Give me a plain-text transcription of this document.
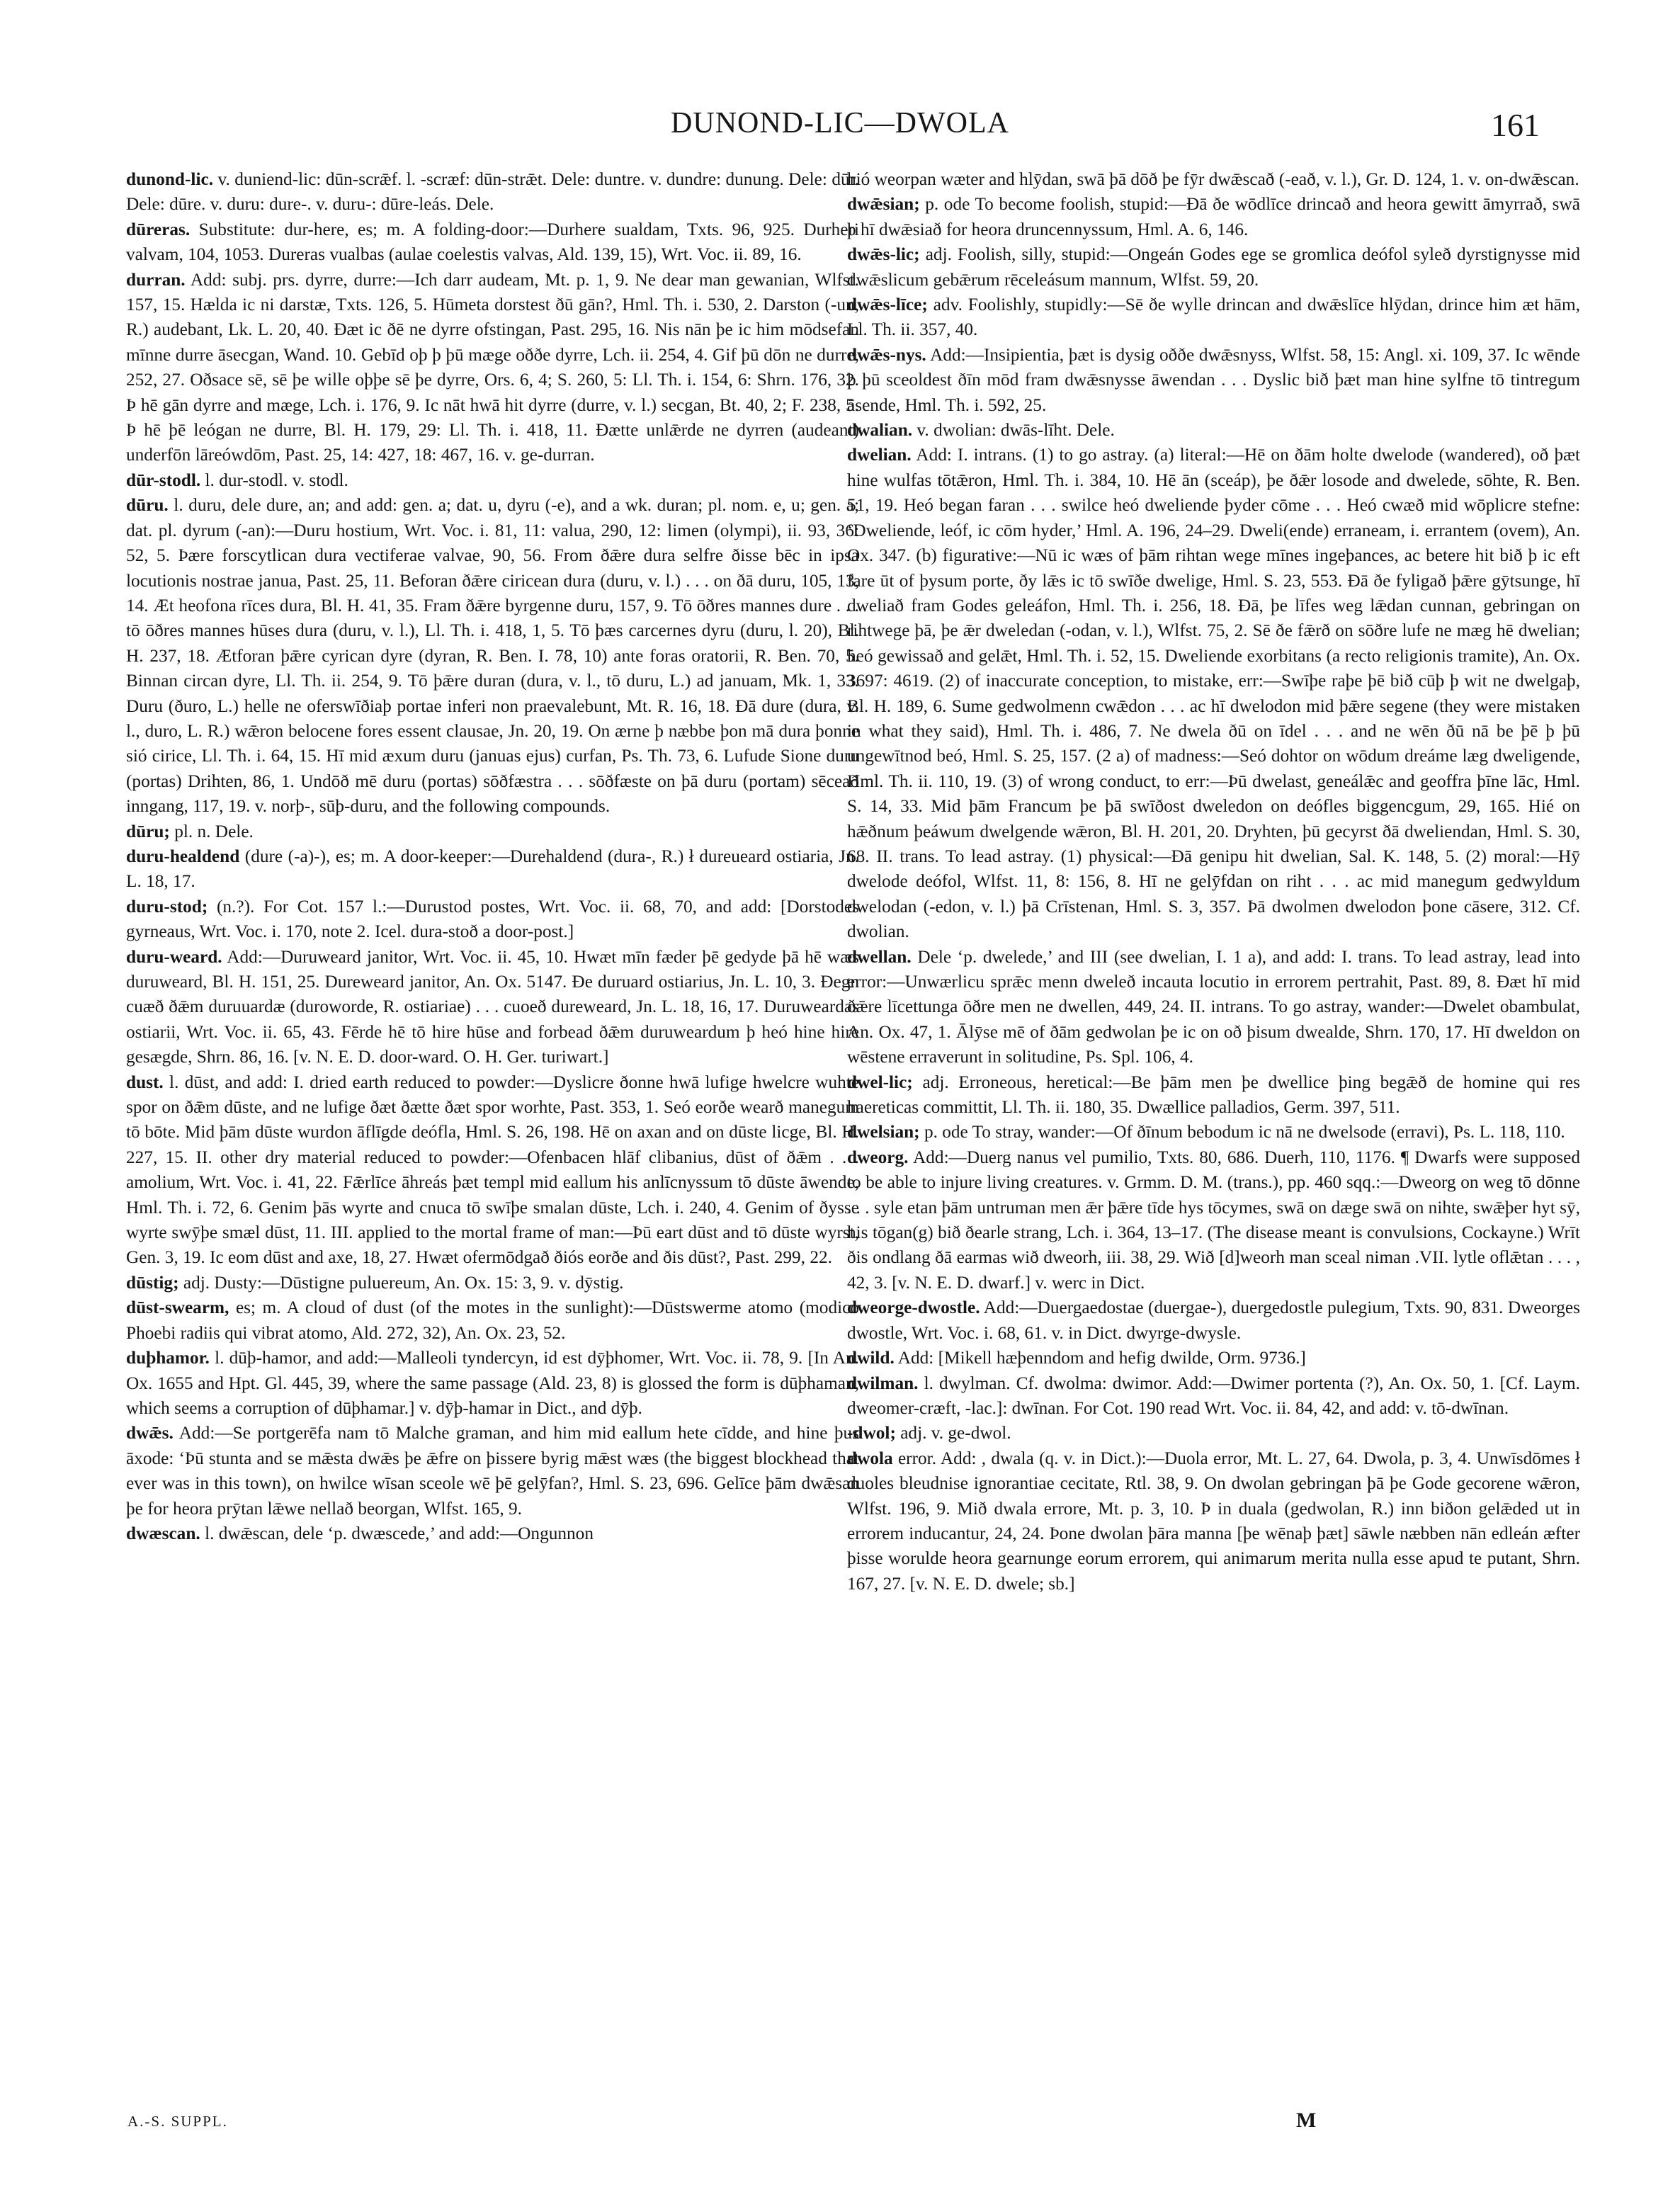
DUNOND-LIC—DWOLA	161

dunond-lic. v. duniend-lic: dūn-scrǣf. l. -scræf: dūn-strǣt. Dele: duntre. v. dundre: dunung. Dele: dūr. Dele: dūre. v. duru: dure-. v. duru-: dūre-leás. Dele.

dūreras. Substitute: dur-here, es; m. A folding-door:—Durhere sualdam, Txts. 96, 925. Durheri valvam, 104, 1053. Dureras vualbas (aulae coelestis valvas, Ald. 139, 15), Wrt. Voc. ii. 89, 16.

durran. Add: subj. prs. dyrre, durre:—Ich darr audeam, Mt. p. 1, 9. Ne dear man gewanian, Wlfst. 157, 15. Hælda ic ni darstæ, Txts. 126, 5. Hūmeta dorstest ðū gān?, Hml. Th. i. 530, 2. Darston (-un, R.) audebant, Lk. L. 20, 40. Ðæt ic ðē ne dyrre ofstingan, Past. 295, 16. Nis nān þe ic him mōdsefan mīnne durre āsecgan, Wand. 10. Gebīd oþ þ þū mæge oððe dyrre, Lch. ii. 254, 4. Gif þū dōn ne durre, 252, 27. Oðsace sē, sē þe wille oþþe sē þe dyrre, Ors. 6, 4; S. 260, 5: Ll. Th. i. 154, 6: Shrn. 176, 32. Þ hē gān dyrre and mæge, Lch. i. 176, 9. Ic nāt hwā hit dyrre (durre, v. l.) secgan, Bt. 40, 2; F. 238, 5. Þ hē þē leógan ne durre, Bl. H. 179, 29: Ll. Th. i. 418, 11. Ðætte unlǣrde ne dyrren (audeant) underfōn lāreówdōm, Past. 25, 14: 427, 18: 467, 16. v. ge-durran.

dūr-stodl. l. dur-stodl. v. stodl.

dūru. l. duru, dele dure, an; and add: gen. a; dat. u, dyru (-e), and a wk. duran; pl. nom. e, u; gen. a; dat. pl. dyrum (-an):—Duru hostium, Wrt. Voc. i. 81, 11: valua, 290, 12: limen (olympi), ii. 93, 36: 52, 5. Þære forscytlican dura vectiferae valvae, 90, 56. From ðǣre dura selfre ðisse bēc in ipsa locutionis nostrae janua, Past. 25, 11. Beforan ðǣre ciricean dura (duru, v. l.) . . . on ðā duru, 105, 13, 14. Æt heofona rīces dura, Bl. H. 41, 35. Fram ðǣre byrgenne duru, 157, 9. Tō ōðres mannes dure . . . tō ōðres mannes hūses dura (duru, v. l.), Ll. Th. i. 418, 1, 5. Tō þæs carcernes dyru (duru, l. 20), Bl. H. 237, 18. Ætforan þǣre cyrican dyre (dyran, R. Ben. I. 78, 10) ante foras oratorii, R. Ben. 70, 5. Binnan circan dyre, Ll. Th. ii. 254, 9. Tō þǣre duran (dura, v. l., tō duru, L.) ad januam, Mk. 1, 33. Duru (ðuro, L.) helle ne oferswīðiaþ portae inferi non praevalebunt, Mt. R. 16, 18. Ðā dure (dura, v. l., duro, L. R.) wǣron belocene fores essent clausae, Jn. 20, 19. On ærne þ næbbe þon mā dura þonne sió cirice, Ll. Th. i. 64, 15. Hī mid æxum duru (januas ejus) curfan, Ps. Th. 73, 6. Lufude Sione duru (portas) Drihten, 86, 1. Undōð mē duru (portas) sōðfæstra . . . sōðfæste on þā duru (portam) sēceað inngang, 117, 19. v. norþ-, sūþ-duru, and the following compounds.

dūru; pl. n. Dele.

duru-healdend (dure (-a)-), es; m. A door-keeper:—Durehaldend (dura-, R.) ł dureueard ostiaria, Jn. L. 18, 17.

duru-stod; (n.?). For Cot. 157 l.:—Durustod postes, Wrt. Voc. ii. 68, 70, and add: [Dorstodes gyrneaus, Wrt. Voc. i. 170, note 2. Icel. dura-stoð a door-post.]

duru-weard. Add:—Duruweard janitor, Wrt. Voc. ii. 45, 10. Hwæt mīn fæder þē gedyde þā hē wæs duruweard, Bl. H. 151, 25. Dureweard janitor, An. Ox. 5147. Ðe duruard ostiarius, Jn. L. 10, 3. Ðegn cuæð ðǣm duruuardæ (duroworde, R. ostiariae) . . . cuoeð dureweard, Jn. L. 18, 16, 17. Duruweardas ostiarii, Wrt. Voc. ii. 65, 43. Fērde hē tō hire hūse and forbead ðǣm duruweardum þ heó hine hire gesægde, Shrn. 86, 16. [v. N. E. D. door-ward. O. H. Ger. turiwart.]

dust. l. dūst, and add: I. dried earth reduced to powder:—Dyslicre ðonne hwā lufige hwelcre wuhte spor on ðǣm dūste, and ne lufige ðæt ðætte ðæt spor worhte, Past. 353, 1. Seó eorðe wearð manegum tō bōte. Mid þām dūste wurdon āflīgde deófla, Hml. S. 26, 198. Hē on axan and on dūste licge, Bl. H. 227, 15. II. other dry material reduced to powder:—Ofenbacen hlāf clibanius, dūst of ðǣm . . . amolium, Wrt. Voc. i. 41, 22. Fǣrlīce āhreás þæt templ mid eallum his anlīcnyssum tō dūste āwende, Hml. Th. i. 72, 6. Genim þās wyrte and cnuca tō swīþe smalan dūste, Lch. i. 240, 4. Genim of ðysse wyrte swȳþe smæl dūst, 11. III. applied to the mortal frame of man:—Þū eart dūst and tō dūste wyrst, Gen. 3, 19. Ic eom dūst and axe, 18, 27. Hwæt ofermōdgað ðiós eorðe and ðis dūst?, Past. 299, 22.

dūstig; adj. Dusty:—Dūstigne puluereum, An. Ox. 15: 3, 9. v. dȳstig.

dūst-swearm, es; m. A cloud of dust (of the motes in the sunlight):—Dūstswerme atomo (modico Phoebi radiis qui vibrat atomo, Ald. 272, 32), An. Ox. 23, 52.

duþhamor. l. dūþ-hamor, and add:—Malleoli tyndercyn, id est dȳþhomer, Wrt. Voc. ii. 78, 9. [In An. Ox. 1655 and Hpt. Gl. 445, 39, where the same passage (Ald. 23, 8) is glossed the form is dūþhaman, which seems a corruption of dūþhamar.] v. dȳþ-hamar in Dict., and dȳþ.

dwǣs. Add:—Se portgerēfa nam tō Malche graman, and him mid eallum hete cīdde, and hine þus āxode: ‘Þū stunta and se mǣsta dwǣs þe ǣfre on þissere byrig mǣst wæs (the biggest blockhead that ever was in this town), on hwilce wīsan sceole wē þē gelȳfan?, Hml. S. 23, 696. Gelīce þām dwǣsan þe for heora prȳtan lǣwe nellað beorgan, Wlfst. 165, 9.

dwæscan. l. dwǣscan, dele ‘p. dwæscede,’ and add:—Ongunnon

hió weorpan wæter and hlȳdan, swā þā dōð þe fȳr dwǣscað (-eað, v. l.), Gr. D. 124, 1. v. on-dwǣscan.

dwǣsian; p. ode To become foolish, stupid:—Ðā ðe wōdlīce drincað and heora gewitt āmyrrað, swā þ hī dwǣsiað for heora druncennyssum, Hml. A. 6, 146.

dwǣs-lic; adj. Foolish, silly, stupid:—Ongeán Godes ege se gromlica deófol syleð dyrstignysse mid dwǣslicum gebǣrum rēceleásum mannum, Wlfst. 59, 20.

dwǣs-līce; adv. Foolishly, stupidly:—Sē ðe wylle drincan and dwǣslīce hlȳdan, drince him æt hām, Ll. Th. ii. 357, 40.

dwǣs-nys. Add:—Insipientia, þæt is dysig oððe dwǣsnyss, Wlfst. 58, 15: Angl. xi. 109, 37. Ic wēnde þ þū sceoldest ðīn mōd fram dwǣsnysse āwendan . . . Dyslic bið þæt man hine sylfne tō tintregum āsende, Hml. Th. i. 592, 25.

dwalian. v. dwolian: dwās-līht. Dele.

dwelian. Add: I. intrans. (1) to go astray. (a) literal:—Hē on ðām holte dwelode (wandered), oð þæt hine wulfas tōtǣron, Hml. Th. i. 384, 10. Hē ān (sceáp), þe ðǣr losode and dwelede, sōhte, R. Ben. 51, 19. Heó began faran . . . swilce heó dweliende þyder cōme . . . Heó cwæð mid wōplicre stefne: ‘Dweliende, leóf, ic cōm hyder,’ Hml. A. 196, 24–29. Dweli(ende) erraneam, i. errantem (ovem), An. Ox. 347. (b) figurative:—Nū ic wæs of þām rihtan wege mīnes ingeþances, ac betere hit bið þ ic eft fare ūt of þysum porte, ðy lǣs ic tō swīðe dwelige, Hml. S. 23, 553. Ðā ðe fyligað þǣre gȳtsunge, hī dweliað fram Godes geleáfon, Hml. Th. i. 256, 18. Ðā, þe līfes weg lǣdan cunnan, gebringan on rihtwege þā, þe ǣr dweledan (-odan, v. l.), Wlfst. 75, 2. Sē ðe fǣrð on sōðre lufe ne mæg hē dwelian; heó gewissað and gelǣt, Hml. Th. i. 52, 15. Dweliende exorbitans (a recto religionis tramite), An. Ox. 3697: 4619. (2) of inaccurate conception, to mistake, err:—Swīþe raþe þē bið cūþ þ wit ne dwelgaþ, Bl. H. 189, 6. Sume gedwolmenn cwǣdon . . . ac hī dwelodon mid þǣre segene (they were mistaken in what they said), Hml. Th. i. 486, 7. Ne dwela ðū on īdel . . . and ne wēn ðū nā be þē þ þū ungewītnod beó, Hml. S. 25, 157. (2 a) of madness:—Seó dohtor on wōdum dreáme læg dweligende, Hml. Th. ii. 110, 19. (3) of wrong conduct, to err:—Þū dwelast, geneálǣc and geoffra þīne lāc, Hml. S. 14, 33. Mid þām Francum þe þā swīðost dweledon on deófles biggencgum, 29, 165. Hié on hǣðnum þeáwum dwelgende wǣron, Bl. H. 201, 20. Dryhten, þū gecyrst ðā dweliendan, Hml. S. 30, 68. II. trans. To lead astray. (1) physical:—Ðā genipu hit dwelian, Sal. K. 148, 5. (2) moral:—Hȳ dwelode deófol, Wlfst. 11, 8: 156, 8. Hī ne gelȳfdan on riht . . . ac mid manegum gedwyldum dwelodan (-edon, v. l.) þā Crīstenan, Hml. S. 3, 357. Þā dwolmen dwelodon þone cāsere, 312. Cf. dwolian.

dwellan. Dele ‘p. dwelede,’ and III (see dwelian, I. 1 a), and add: I. trans. To lead astray, lead into error:—Unwærlicu sprǣc menn dweleð incauta locutio in errorem pertrahit, Past. 89, 8. Ðæt hī mid ðǣre līcettunga ōðre men ne dwellen, 449, 24. II. intrans. To go astray, wander:—Dwelet obambulat, An. Ox. 47, 1. Ālȳse mē of ðām gedwolan þe ic on oð þisum dwealde, Shrn. 170, 17. Hī dweldon on wēstene erraverunt in solitudine, Ps. Spl. 106, 4.

dwel-lic; adj. Erroneous, heretical:—Be þām men þe dwellice þing begǣð de homine qui res haereticas committit, Ll. Th. ii. 180, 35. Dwællice palladios, Germ. 397, 511.

dwelsian; p. ode To stray, wander:—Of ðīnum bebodum ic nā ne dwelsode (erravi), Ps. L. 118, 110.

dweorg. Add:—Duerg nanus vel pumilio, Txts. 80, 686. Duerh, 110, 1176. ¶ Dwarfs were supposed to be able to injure living creatures. v. Grmm. D. M. (trans.), pp. 460 sqq.:—Dweorg on weg tō dōnne . . . syle etan þām untruman men ǣr þǣre tīde hys tōcymes, swā on dæge swā on nihte, swǣþer hyt sȳ, his tōgan(g) bið ðearle strang, Lch. i. 364, 13–17. (The disease meant is convulsions, Cockayne.) Wrīt ðis ondlang ðā earmas wið dweorh, iii. 38, 29. Wið [d]weorh man sceal niman .VII. lytle oflǣtan . . . , 42, 3. [v. N. E. D. dwarf.] v. werc in Dict.

dweorge-dwostle. Add:—Duergaedostae (duergae-), duergedostle pulegium, Txts. 90, 831. Dweorges dwostle, Wrt. Voc. i. 68, 61. v. in Dict. dwyrge-dwysle.

dwild. Add: [Mikell hæþenndom and hefig dwilde, Orm. 9736.]

dwilman. l. dwylman. Cf. dwolma: dwimor. Add:—Dwimer portenta (?), An. Ox. 50, 1. [Cf. Laym. dweomer-cræft, -lac.]: dwīnan. For Cot. 190 read Wrt. Voc. ii. 84, 42, and add: v. tō-dwīnan.

-dwol; adj. v. ge-dwol.

dwola error. Add: , dwala (q. v. in Dict.):—Duola error, Mt. L. 27, 64. Dwola, p. 3, 4. Unwīsdōmes ł duoles bleudnise ignorantiae cecitate, Rtl. 38, 9. On dwolan gebringan þā þe Gode gecorene wǣron, Wlfst. 196, 9. Mið dwala errore, Mt. p. 3, 10. Þ in duala (gedwolan, R.) inn biðon gelǣded ut in errorem inducantur, 24, 24. Þone dwolan þāra manna [þe wēnaþ þæt] sāwle næbben nān edleán æfter þisse worulde heora gearnunge eorum errorem, qui animarum merita nulla esse apud te putant, Shrn. 167, 27. [v. N. E. D. dwele; sb.]

A.-S. SUPPL.	M
